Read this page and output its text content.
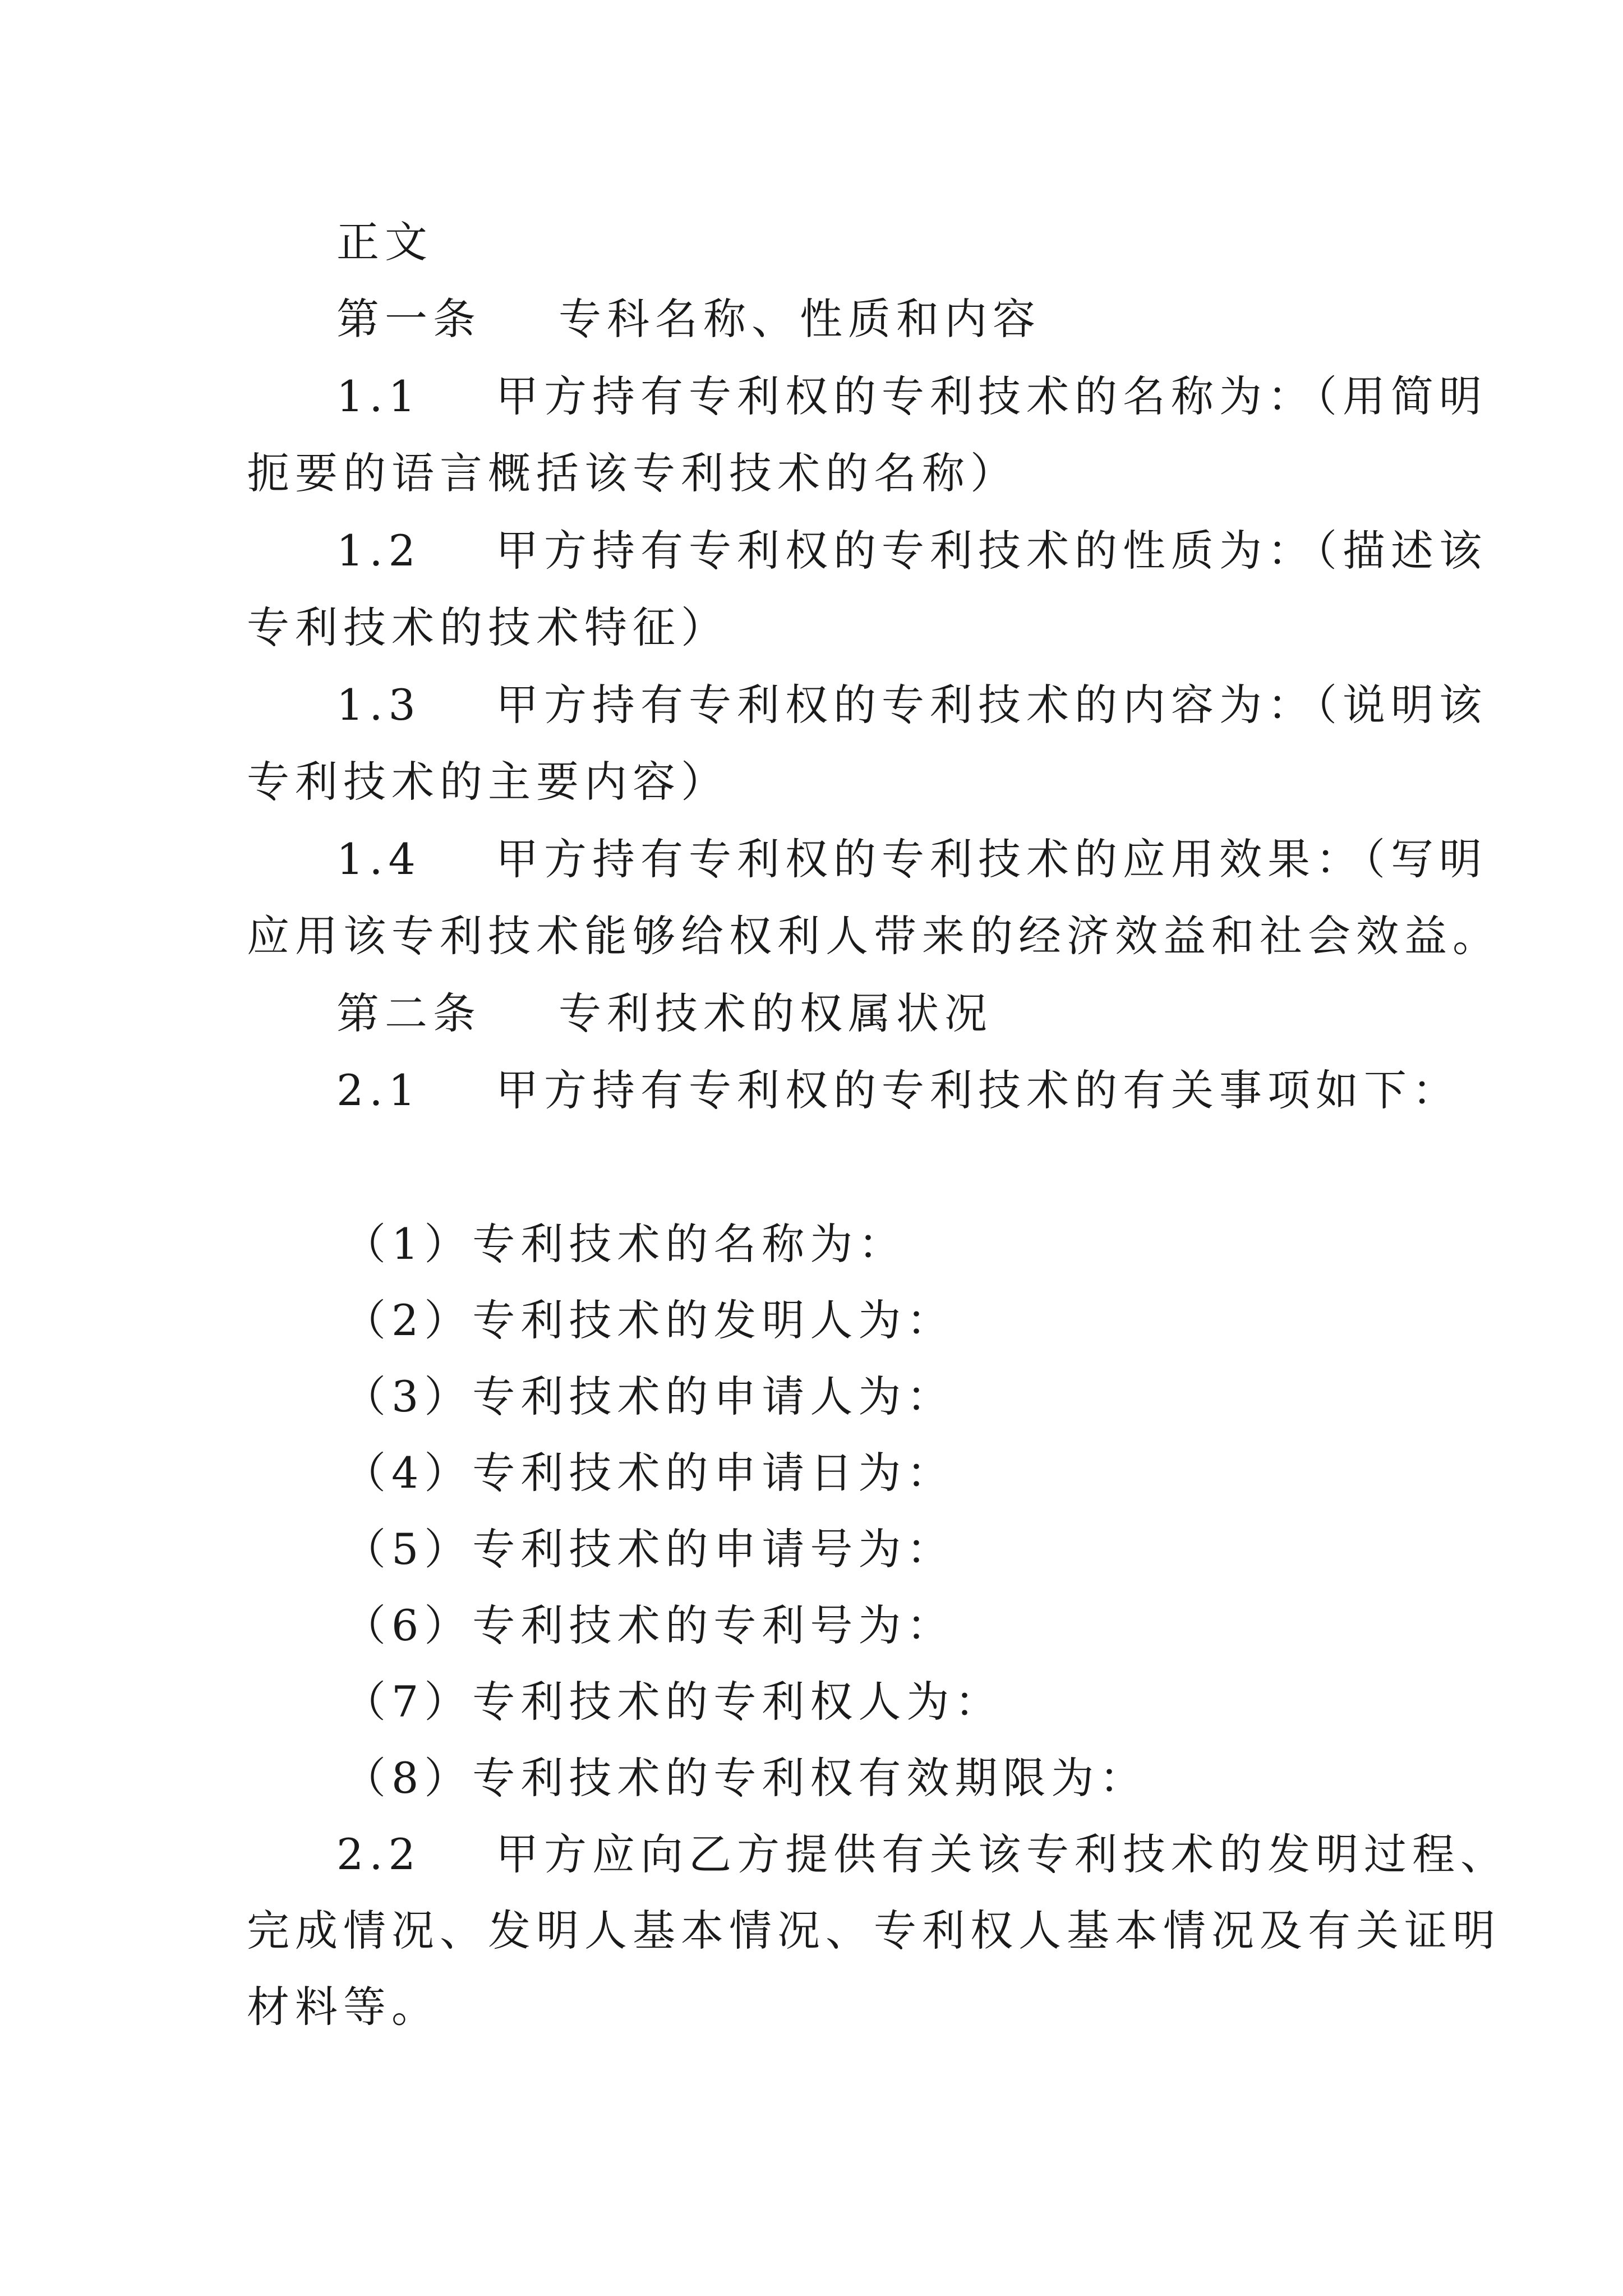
正文
第一条 专科名称、性质和内容
1.1 甲方持有专利权的专利技术的名称为：（用简明
扼要的语言概括该专利技术的名称）
1.2 甲方持有专利权的专利技术的性质为：（描述该
专利技术的技术特征）
1.3 甲方持有专利权的专利技术的内容为：（说明该
专利技术的主要内容）
1.4 甲方持有专利权的专利技术的应用效果：（写明
应用该专利技术能够给权利人带来的经济效益和社会效益。
第二条 专利技术的权属状况
2.1 甲方持有专利权的专利技术的有关事项如下：
（1）专利技术的名称为：
（2）专利技术的发明人为：
（3）专利技术的申请人为：
（4）专利技术的申请日为：
（5）专利技术的申请号为：
（6）专利技术的专利号为：
（7）专利技术的专利权人为：
（8）专利技术的专利权有效期限为：
2.2 甲方应向乙方提供有关该专利技术的发明过程、
完成情况、发明人基本情况、专利权人基本情况及有关证明
材料等。
